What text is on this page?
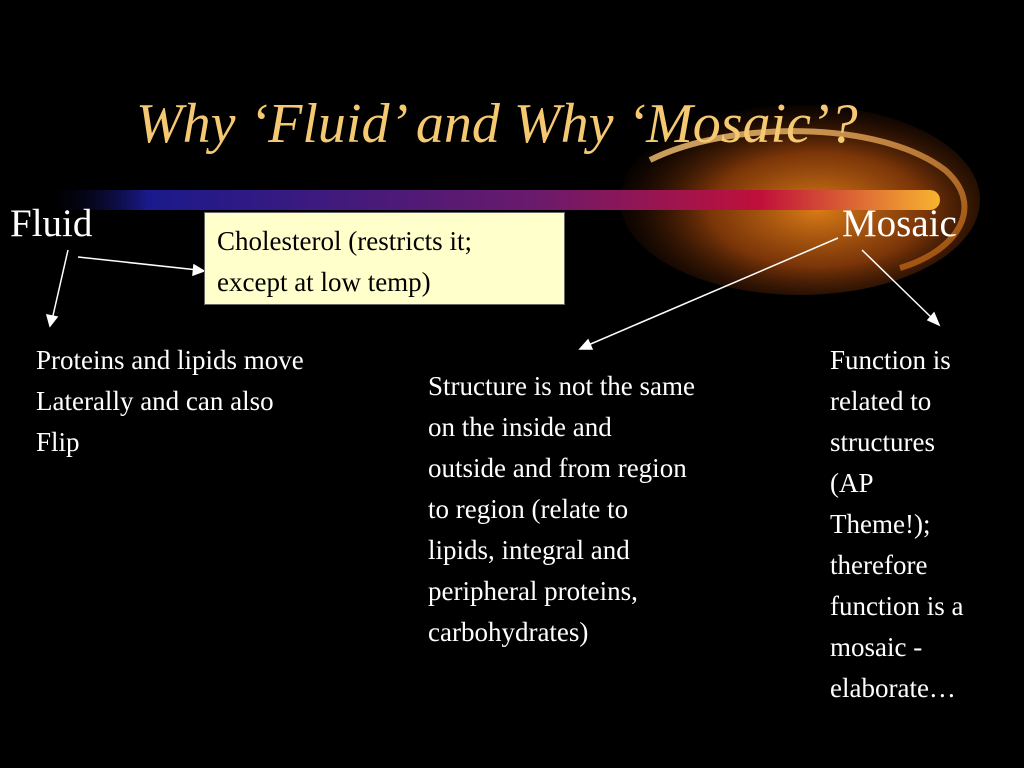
Why ‘Fluid’ and Why ‘Mosaic’?
Fluid	Mosaic
Cholesterol (restricts it;
except at low temp)
Proteins and lipids move
Laterally and can also
Flip
Structure is not the same
on the inside and
outside and from region
to region (relate to
lipids, integral and
peripheral proteins,
carbohydrates)
Function is
related to
structures
(AP
Theme!);
therefore
function is a
mosaic -
elaborate…
